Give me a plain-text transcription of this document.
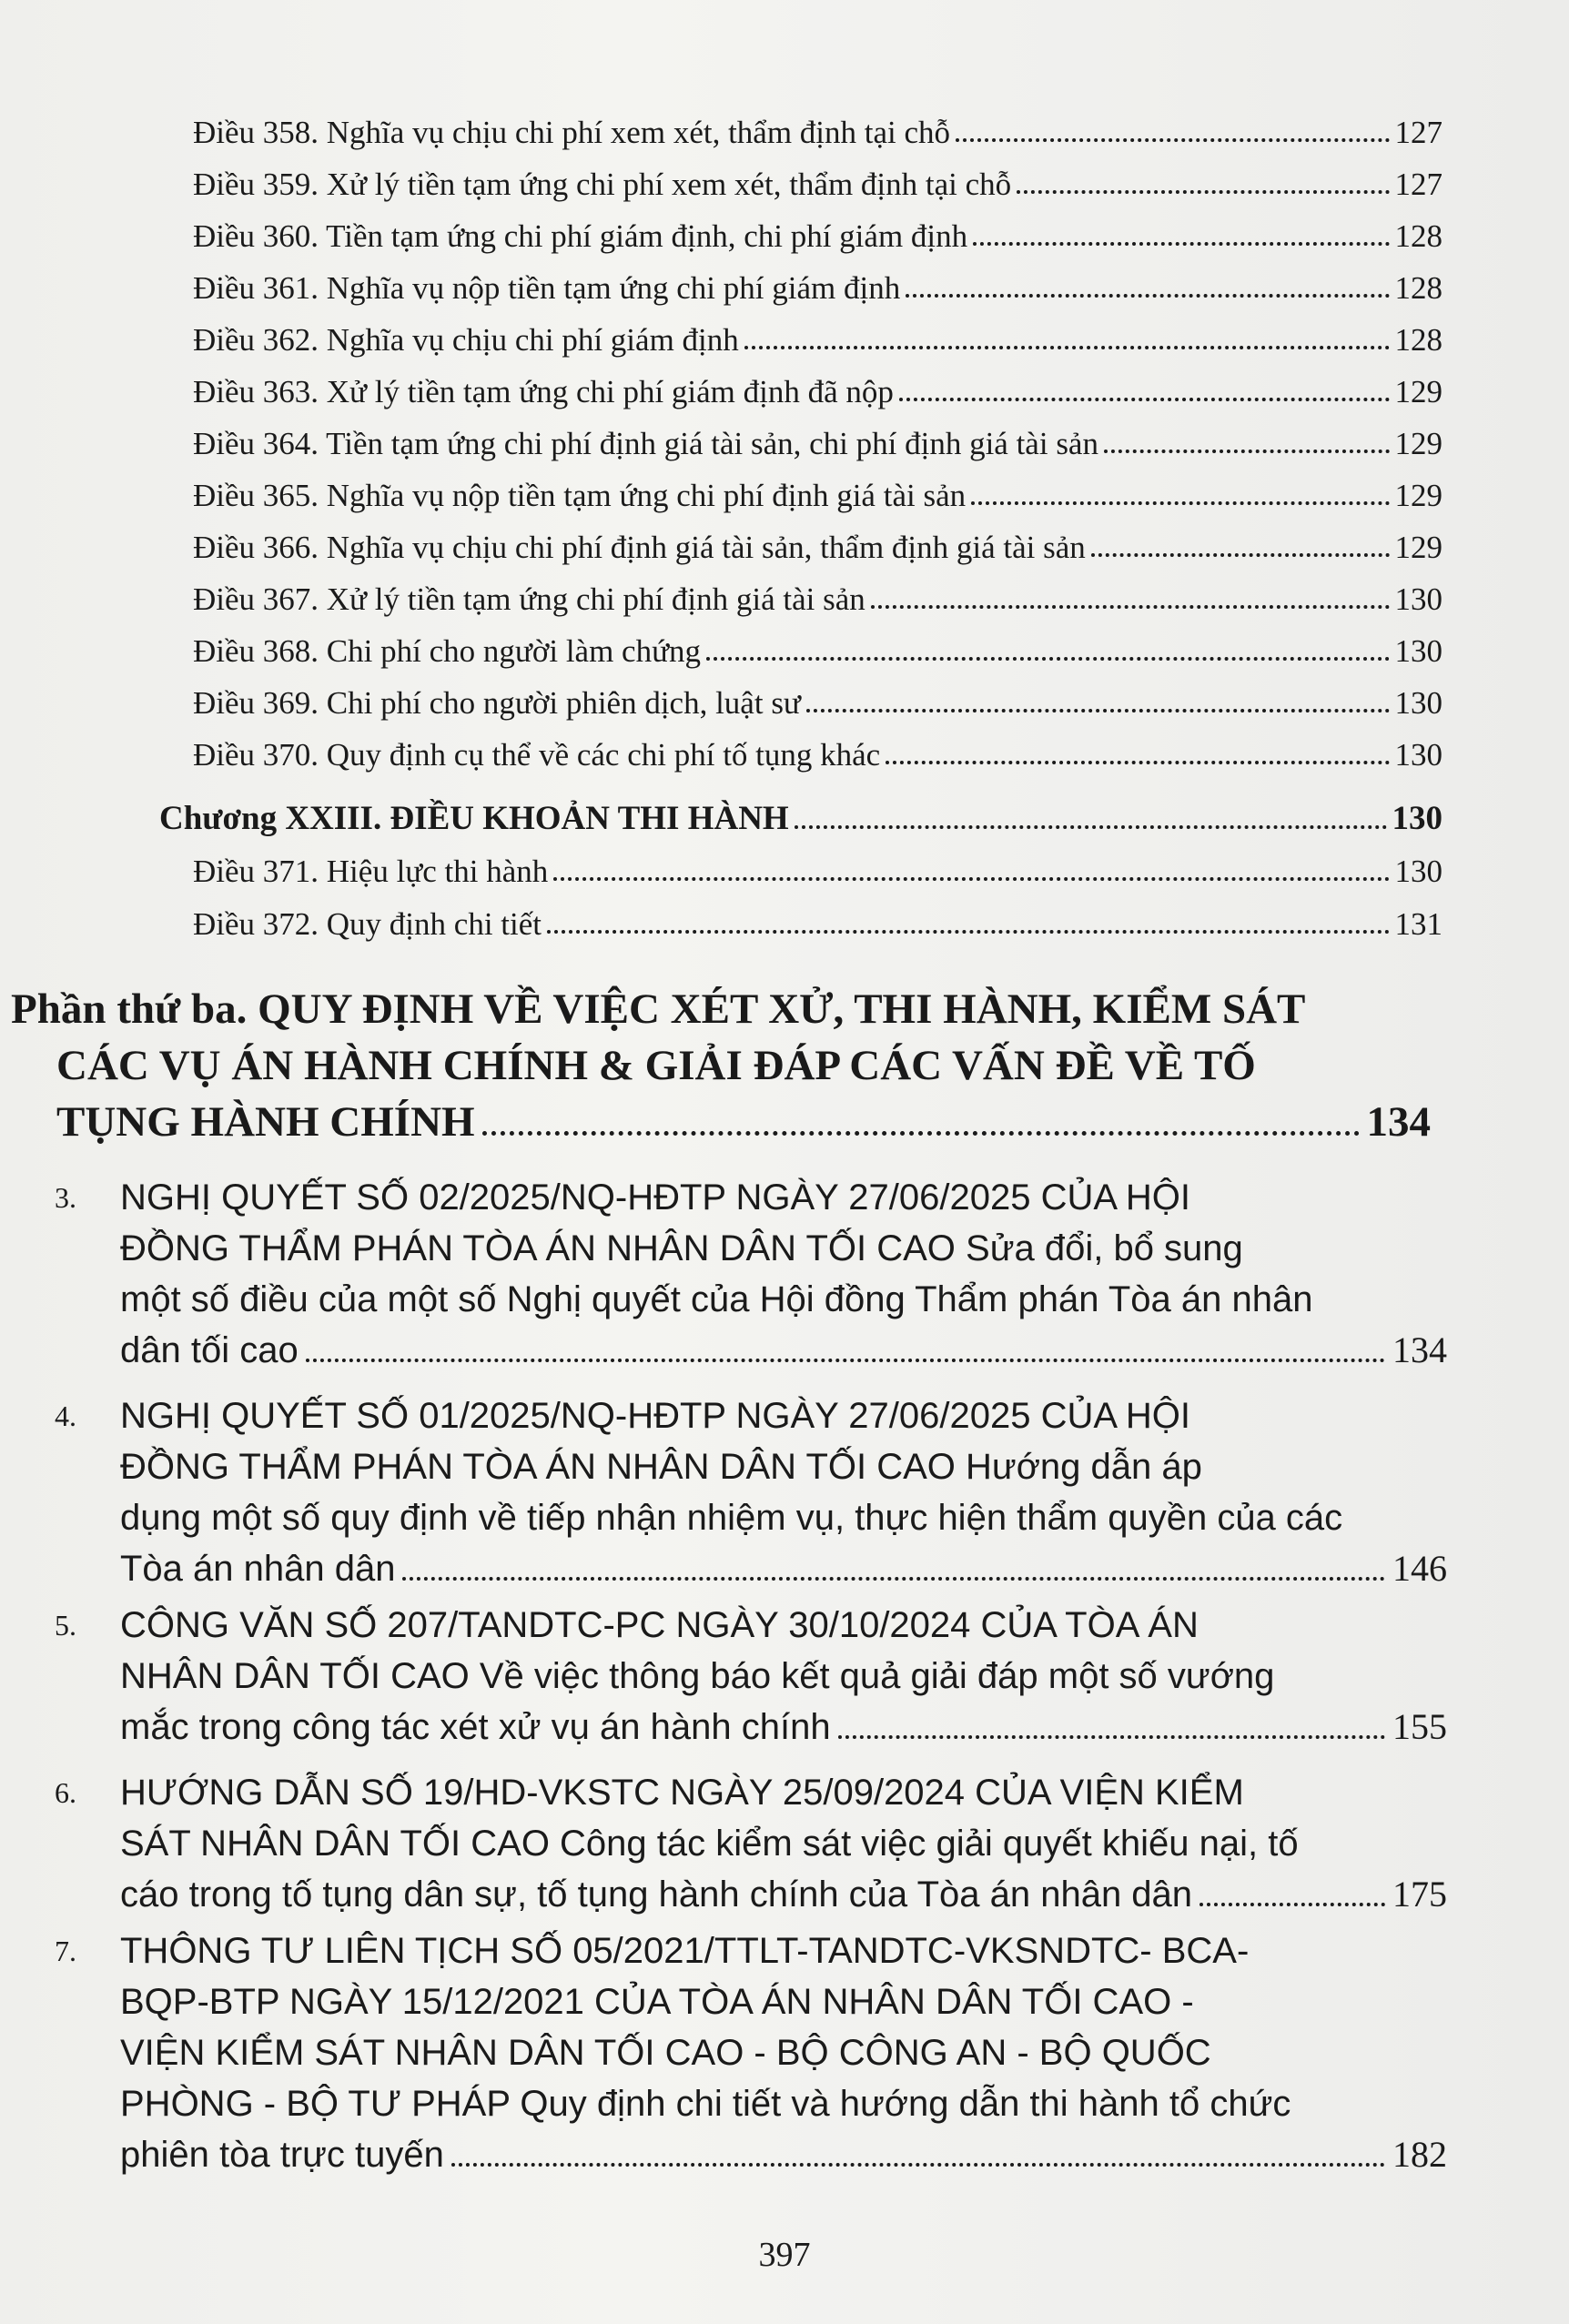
Điều 358. Nghĩa vụ chịu chi phí xem xét, thẩm định tại chỗ	127
Điều 359. Xử lý tiền tạm ứng chi phí xem xét, thẩm định tại chỗ	127
Điều 360. Tiền tạm ứng chi phí giám định, chi phí giám định	128
Điều 361. Nghĩa vụ nộp tiền tạm ứng chi phí giám định	128
Điều 362. Nghĩa vụ chịu chi phí giám định	128
Điều 363. Xử lý tiền tạm ứng chi phí giám định đã nộp	129
Điều 364. Tiền tạm ứng chi phí định giá tài sản, chi phí định giá tài sản	129
Điều 365. Nghĩa vụ nộp tiền tạm ứng chi phí định giá tài sản	129
Điều 366. Nghĩa vụ chịu chi phí định giá tài sản, thẩm định giá tài sản	129
Điều 367. Xử lý tiền tạm ứng chi phí định giá tài sản	130
Điều 368. Chi phí cho người làm chứng	130
Điều 369. Chi phí cho người phiên dịch, luật sư	130
Điều 370. Quy định cụ thể về các chi phí tố tụng khác	130
Chương XXIII. ĐIỀU KHOẢN THI HÀNH	130
Điều 371. Hiệu lực thi hành	130
Điều 372. Quy định chi tiết	131
Phần thứ ba. QUY ĐỊNH VỀ VIỆC XÉT XỬ, THI HÀNH, KIỂM SÁT
CÁC VỤ ÁN HÀNH CHÍNH & GIẢI ĐÁP CÁC VẤN ĐỀ VỀ TỐ
TỤNG HÀNH CHÍNH	134
3.	NGHỊ QUYẾT SỐ 02/2025/NQ-HĐTP NGÀY 27/06/2025 CỦA HỘI
ĐỒNG THẨM PHÁN TÒA ÁN NHÂN DÂN TỐI CAO Sửa đổi, bổ sung
một số điều của một số Nghị quyết của Hội đồng Thẩm phán Tòa án nhân
dân tối cao	134
4.	NGHỊ QUYẾT SỐ 01/2025/NQ-HĐTP NGÀY 27/06/2025 CỦA HỘI
ĐỒNG THẨM PHÁN TÒA ÁN NHÂN DÂN TỐI CAO Hướng dẫn áp
dụng một số quy định về tiếp nhận nhiệm vụ, thực hiện thẩm quyền của các
Tòa án nhân dân	146
5.	CÔNG VĂN SỐ 207/TANDTC-PC NGÀY 30/10/2024 CỦA TÒA ÁN
NHÂN DÂN TỐI CAO Về việc thông báo kết quả giải đáp một số vướng
mắc trong công tác xét xử vụ án hành chính	155
6.	HƯỚNG DẪN SỐ 19/HD-VKSTC NGÀY 25/09/2024 CỦA VIỆN KIỂM
SÁT NHÂN DÂN TỐI CAO Công tác kiểm sát việc giải quyết khiếu nại, tố
cáo trong tố tụng dân sự, tố tụng hành chính của Tòa án nhân dân	175
7.	THÔNG TƯ LIÊN TỊCH SỐ 05/2021/TTLT-TANDTC-VKSNDTC- BCA-
BQP-BTP NGÀY 15/12/2021 CỦA TÒA ÁN NHÂN DÂN TỐI CAO -
VIỆN KIỂM SÁT NHÂN DÂN TỐI CAO - BỘ CÔNG AN - BỘ QUỐC
PHÒNG - BỘ TƯ PHÁP Quy định chi tiết và hướng dẫn thi hành tổ chức
phiên tòa trực tuyến	182
397
